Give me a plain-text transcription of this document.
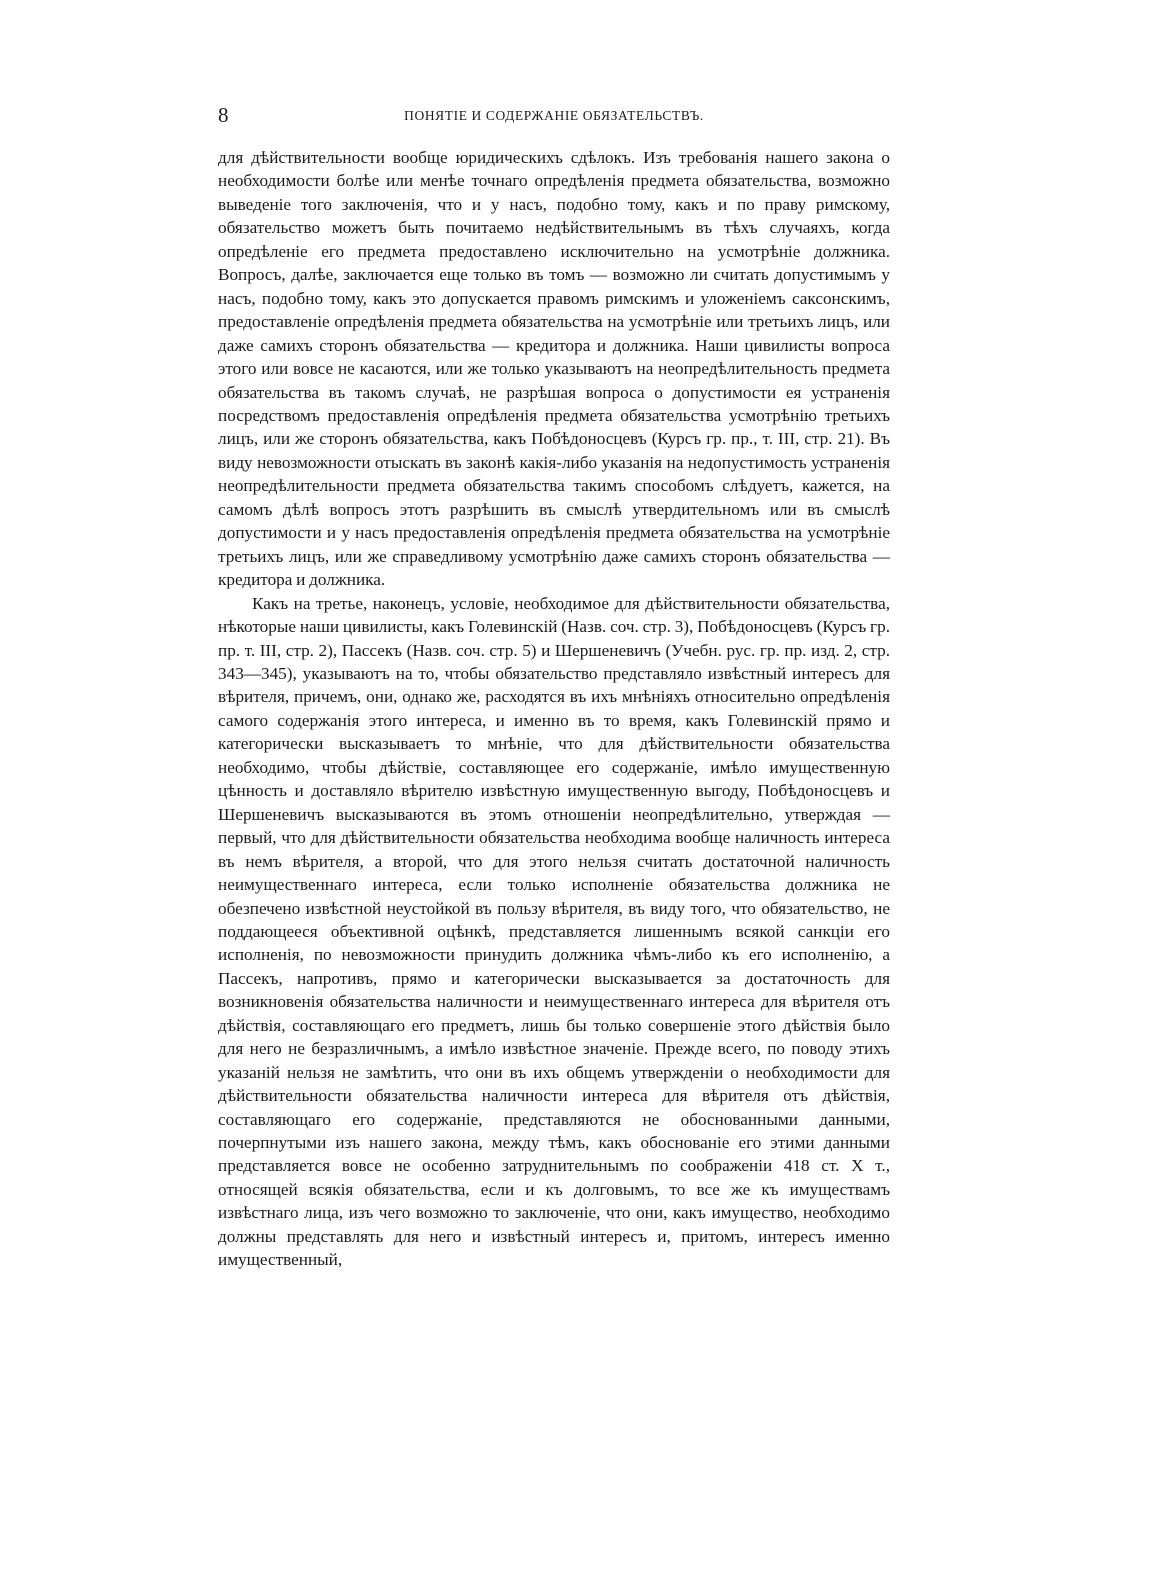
8	ПОНЯТІЕ И СОДЕРЖАНІЕ ОБЯЗАТЕЛЬСТВЪ.

для дѣйствительности вообще юридическихъ сдѣлокъ. Изъ требованія нашего закона о необходимости болѣе или менѣе точнаго опредѣленія предмета обязательства, возможно выведеніе того заключенія, что и у насъ, подобно тому, какъ и по праву римскому, обязательство можетъ быть почитаемо недѣйствительнымъ въ тѣхъ случаяхъ, когда опредѣленіе его предмета предоставлено исключительно на усмотрѣніе должника. Вопросъ, далѣе, заключается еще только въ томъ — возможно ли считать допустимымъ у насъ, подобно тому, какъ это допускается правомъ римскимъ и уложеніемъ саксонскимъ, предоставленіе опредѣленія предмета обязательства на усмотрѣніе или третьихъ лицъ, или даже самихъ сторонъ обязательства — кредитора и должника. Наши цивилисты вопроса этого или вовсе не касаются, или же только указываютъ на неопредѣлительность предмета обязательства въ такомъ случаѣ, не разрѣшая вопроса о допустимости ея устраненія посредствомъ предоставленія опредѣленія предмета обязательства усмотрѣнію третьихъ лицъ, или же сторонъ обязательства, какъ Побѣдоносцевъ (Курсъ гр. пр., т. III, стр. 21). Въ виду невозможности отыскать въ законѣ какія-либо указанія на недопустимость устраненія неопредѣлительности предмета обязательства такимъ способомъ слѣдуетъ, кажется, на самомъ дѣлѣ вопросъ этотъ разрѣшить въ смыслѣ утвердительномъ или въ смыслѣ допустимости и у насъ предоставленія опредѣленія предмета обязательства на усмотрѣніе третьихъ лицъ, или же справедливому усмотрѣнію даже самихъ сторонъ обязательства — кредитора и должника.

Какъ на третье, наконецъ, условіе, необходимое для дѣйствительности обязательства, нѣкоторые наши цивилисты, какъ Голевинскій (Назв. соч. стр. 3), Побѣдоносцевъ (Курсъ гр. пр. т. III, стр. 2), Пассекъ (Назв. соч. стр. 5) и Шершеневичъ (Учебн. рус. гр. пр. изд. 2, стр. 343—345), указываютъ на то, чтобы обязательство представляло извѣстный интересъ для вѣрителя, причемъ, они, однако же, расходятся въ ихъ мнѣніяхъ относительно опредѣленія самого содержанія этого интереса, и именно въ то время, какъ Голевинскій прямо и категорически высказываетъ то мнѣніе, что для дѣйствительности обязательства необходимо, чтобы дѣйствіе, составляющее его содержаніе, имѣло имущественную цѣнность и доставляло вѣрителю извѣстную имущественную выгоду, Побѣдоносцевъ и Шершеневичъ высказываются въ этомъ отношеніи неопредѣлительно, утверждая — первый, что для дѣйствительности обязательства необходима вообще наличность интереса въ немъ вѣрителя, а второй, что для этого нельзя считать достаточной наличность неимущественнаго интереса, если только исполненіе обязательства должника не обезпечено извѣстной неустойкой въ пользу вѣрителя, въ виду того, что обязательство, не поддающееся объективной оцѣнкѣ, представляется лишеннымъ всякой санкціи его исполненія, по невозможности принудить должника чѣмъ-либо къ его исполненію, а Пассекъ, напротивъ, прямо и категорически высказывается за достаточность для возникновенія обязательства наличности и неимущественнаго интереса для вѣрителя отъ дѣйствія, составляющаго его предметъ, лишь бы только совершеніе этого дѣйствія было для него не безразличнымъ, а имѣло извѣстное значеніе. Прежде всего, по поводу этихъ указаній нельзя не замѣтить, что они въ ихъ общемъ утвержденіи о необходимости для дѣйствительности обязательства наличности интереса для вѣрителя отъ дѣйствія, составляющаго его содержаніе, представляются не обоснованными данными, почерпнутыми изъ нашего закона, между тѣмъ, какъ обоснованіе его этими данными представляется вовсе не особенно затруднительнымъ по соображеніи 418 ст. X т., относящей всякія обязательства, если и къ долговымъ, то все же къ имуществамъ извѣстнаго лица, изъ чего возможно то заключеніе, что они, какъ имущество, необходимо должны представлять для него и извѣстный интересъ и, притомъ, интересъ именно имущественный,
